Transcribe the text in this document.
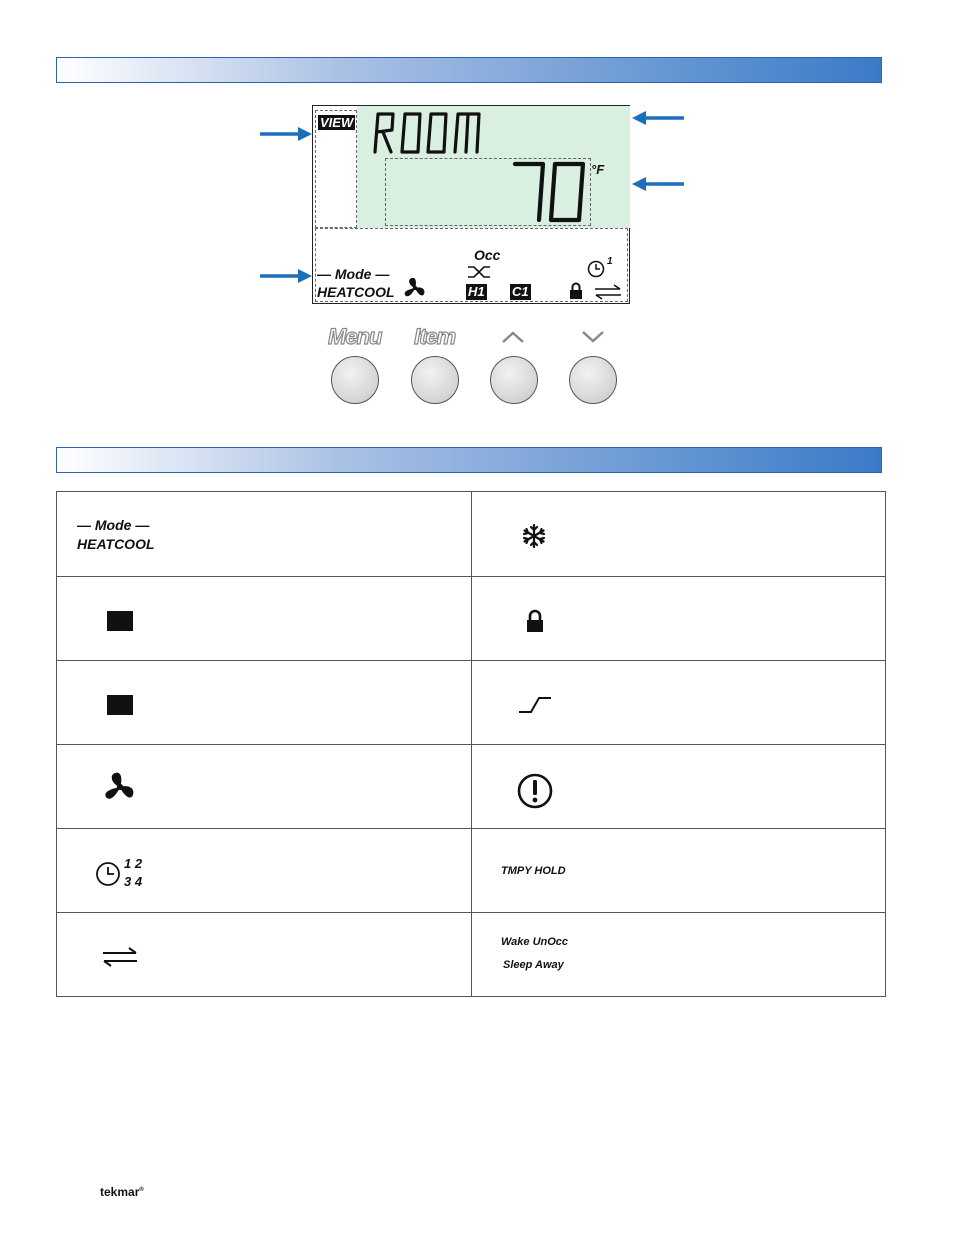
VIEW
°F
— Mode —
HEATCOOL
Occ
H1 C1
1
Menu Item
— Mode —
HEATCOOL
H1
C1
1 2
3 4
TMPY HOLD
Wake UnOcc
Sleep Away
tekmar®
